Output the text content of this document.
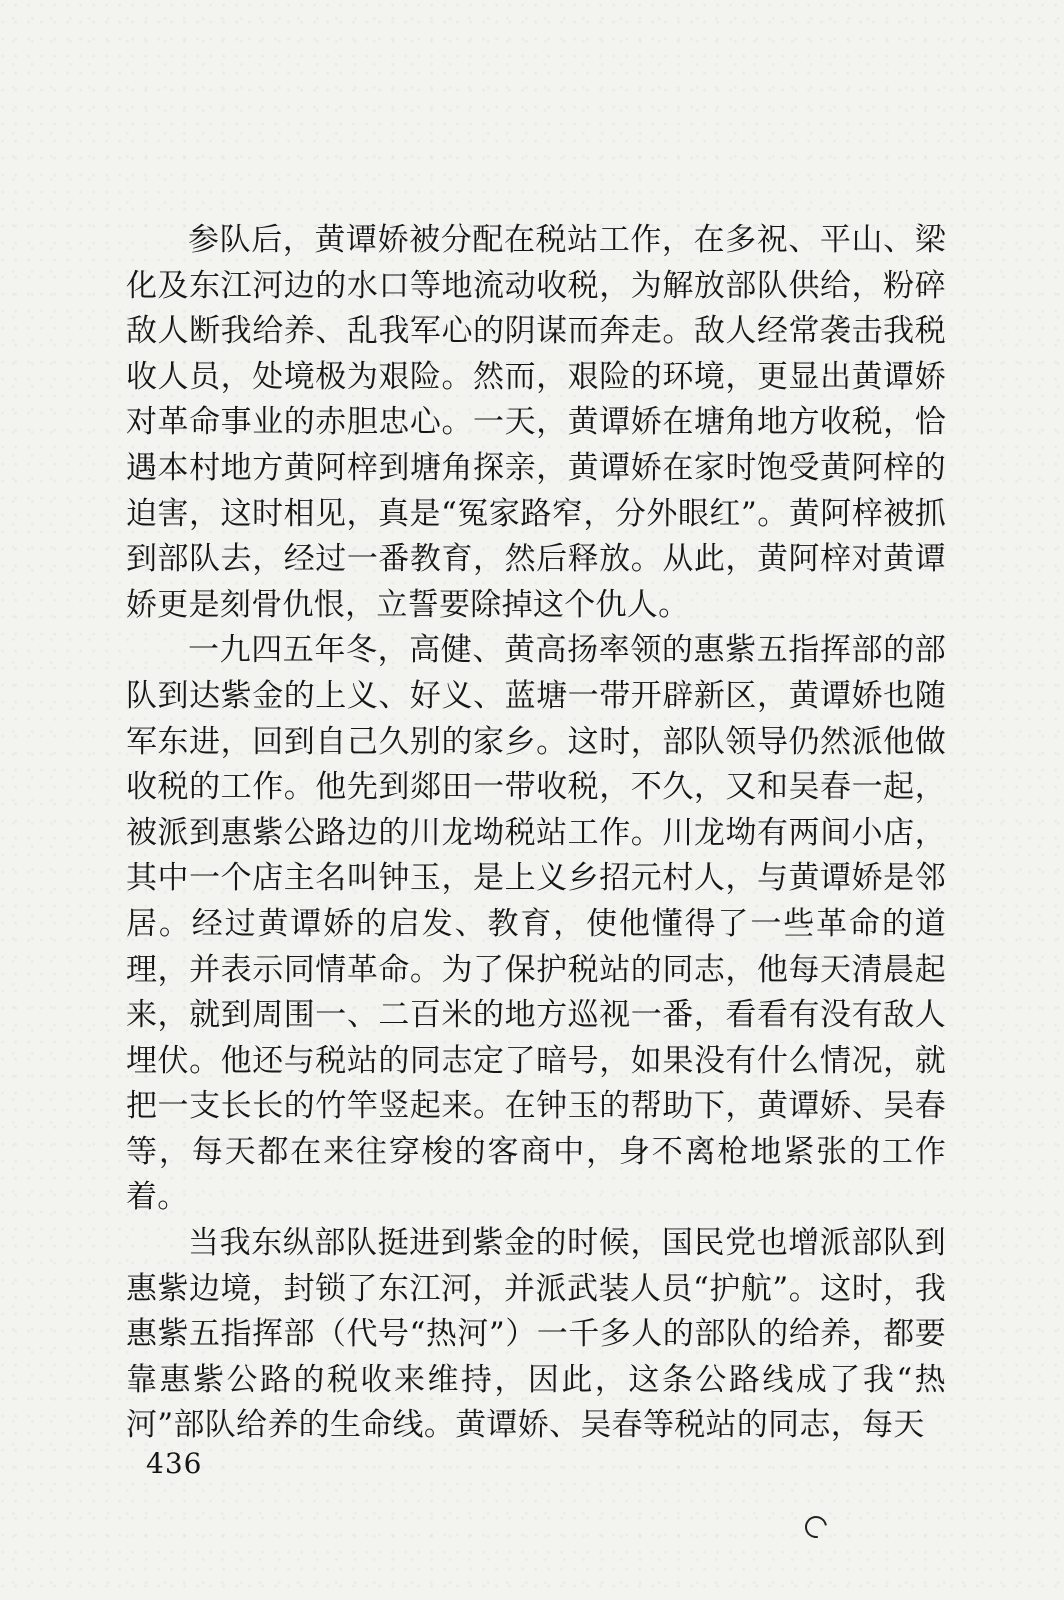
参队后，黄谭娇被分配在税站工作，在多祝、平山、梁化及东江河边的水口等地流动收税，为解放部队供给，粉碎敌人断我给养、乱我军心的阴谋而奔走。敌人经常袭击我税收人员，处境极为艰险。然而，艰险的环境，更显出黄谭娇对革命事业的赤胆忠心。一天，黄谭娇在塘角地方收税，恰遇本村地方黄阿梓到塘角探亲，黄谭娇在家时饱受黄阿梓的迫害，这时相见，真是“冤家路窄，分外眼红”。黄阿梓被抓到部队去，经过一番教育，然后释放。从此，黄阿梓对黄谭娇更是刻骨仇恨，立誓要除掉这个仇人。

一九四五年冬，高健、黄高扬率领的惠紫五指挥部的部队到达紫金的上义、好义、蓝塘一带开辟新区，黄谭娇也随军东进，回到自己久别的家乡。这时，部队领导仍然派他做收税的工作。他先到郯田一带收税，不久，又和吴春一起，被派到惠紫公路边的川龙坳税站工作。川龙坳有两间小店，其中一个店主名叫钟玉，是上义乡招元村人，与黄谭娇是邻居。经过黄谭娇的启发、教育，使他懂得了一些革命的道理，并表示同情革命。为了保护税站的同志，他每天清晨起来，就到周围一、二百米的地方巡视一番，看看有没有敌人埋伏。他还与税站的同志定了暗号，如果没有什么情况，就把一支长长的竹竿竖起来。在钟玉的帮助下，黄谭娇、吴春等，每天都在来往穿梭的客商中，身不离枪地紧张的工作着。

当我东纵部队挺进到紫金的时候，国民党也增派部队到惠紫边境，封锁了东江河，并派武装人员“护航”。这时，我惠紫五指挥部（代号“热河”）一千多人的部队的给养，都要靠惠紫公路的税收来维持，因此，这条公路线成了我“热河”部队给养的生命线。黄谭娇、吴春等税站的同志，每天

436
